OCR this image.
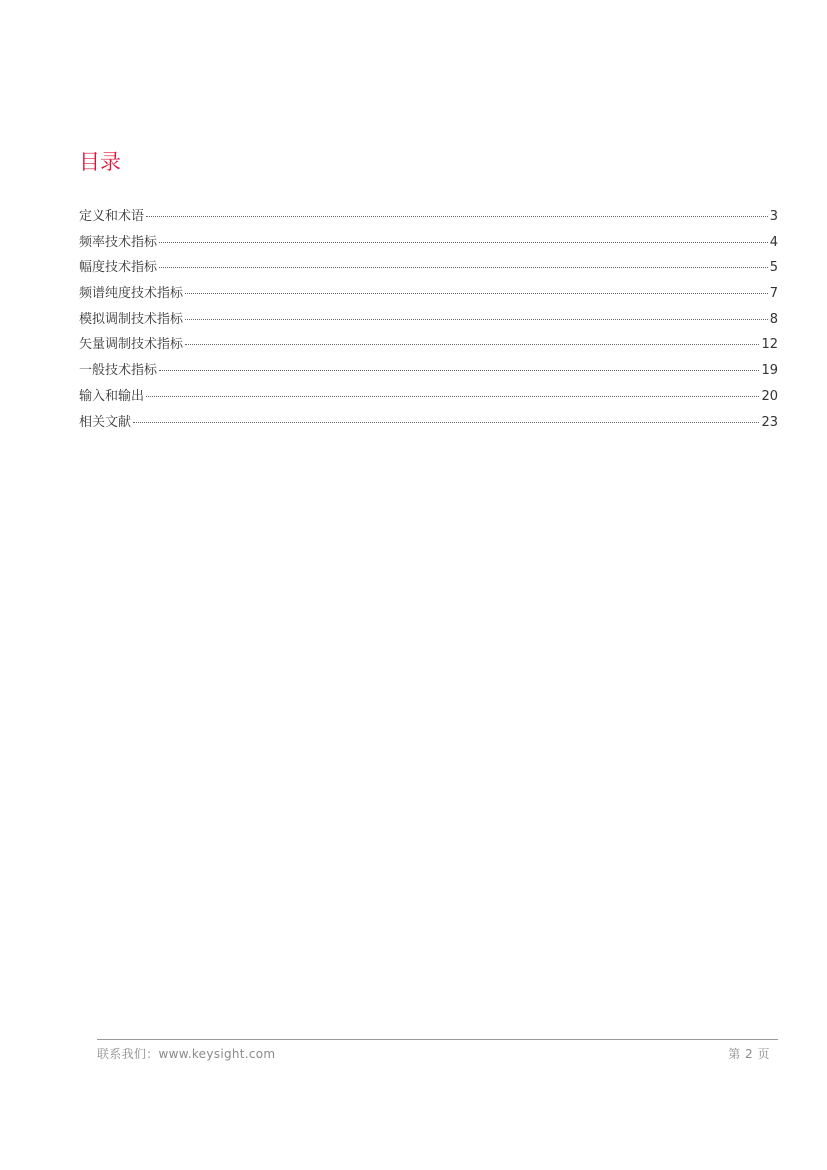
目录
定义和术语	3
频率技术指标	4
幅度技术指标	5
频谱纯度技术指标	7
模拟调制技术指标	8
矢量调制技术指标	12
一般技术指标	19
输入和输出	20
相关文献	23
联系我们：www.keysight.com	第 2 页
